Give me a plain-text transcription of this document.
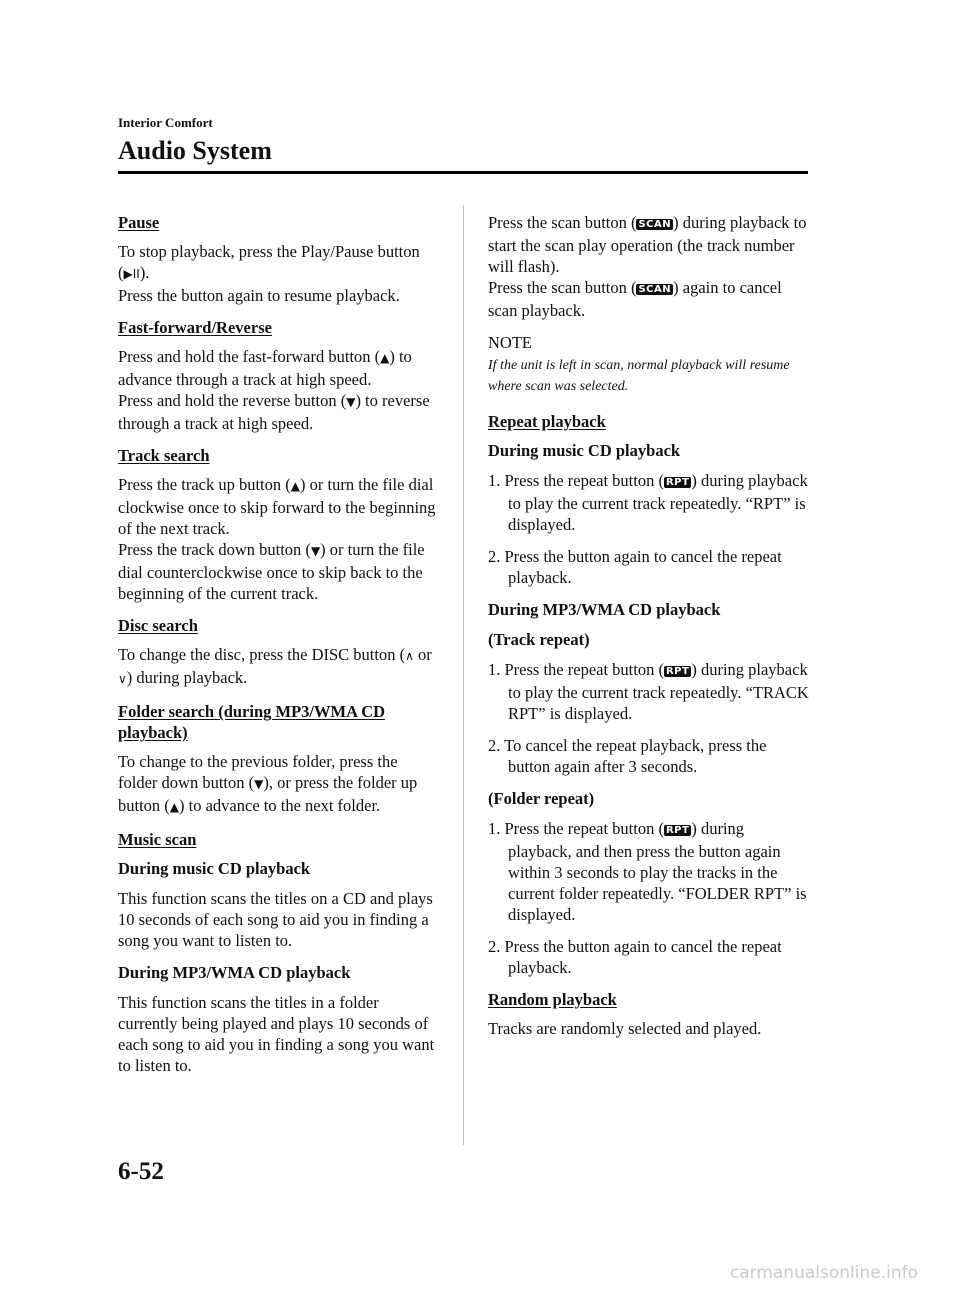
Interior Comfort
Audio System
Pause

To stop playback, press the Play/Pause button (▶II).
Press the button again to resume playback.

Fast-forward/Reverse

Press and hold the fast-forward button (▲) to advance through a track at high speed.
Press and hold the reverse button (▼) to reverse through a track at high speed.

Track search

Press the track up button (▲) or turn the file dial clockwise once to skip forward to the beginning of the next track.
Press the track down button (▼) or turn the file dial counterclockwise once to skip back to the beginning of the current track.

Disc search

To change the disc, press the DISC button (∧ or ∨) during playback.

Folder search (during MP3/WMA CD playback)

To change to the previous folder, press the folder down button (▼), or press the folder up button (▲) to advance to the next folder.

Music scan
During music CD playback

This function scans the titles on a CD and plays 10 seconds of each song to aid you in finding a song you want to listen to.

During MP3/WMA CD playback

This function scans the titles in a folder currently being played and plays 10 seconds of each song to aid you in finding a song you want to listen to.

Press the scan button ( SCAN ) during playback to start the scan play operation (the track number will flash).
Press the scan button ( SCAN ) again to cancel scan playback.

NOTE
If the unit is left in scan, normal playback will resume where scan was selected.
Repeat playback
During music CD playback
1. Press the repeat button ( RPT ) during playback to play the current track repeatedly. “RPT” is displayed.
2. Press the button again to cancel the repeat playback.
During MP3/WMA CD playback
(Track repeat)
1. Press the repeat button ( RPT ) during playback to play the current track repeatedly. “TRACK RPT” is displayed.
2. To cancel the repeat playback, press the button again after 3 seconds.
(Folder repeat)
1. Press the repeat button ( RPT ) during playback, and then press the button again within 3 seconds to play the tracks in the current folder repeatedly. “FOLDER RPT” is displayed.
2. Press the button again to cancel the repeat playback.
Random playback

Tracks are randomly selected and played.

6-52
carmanualsonline.info
